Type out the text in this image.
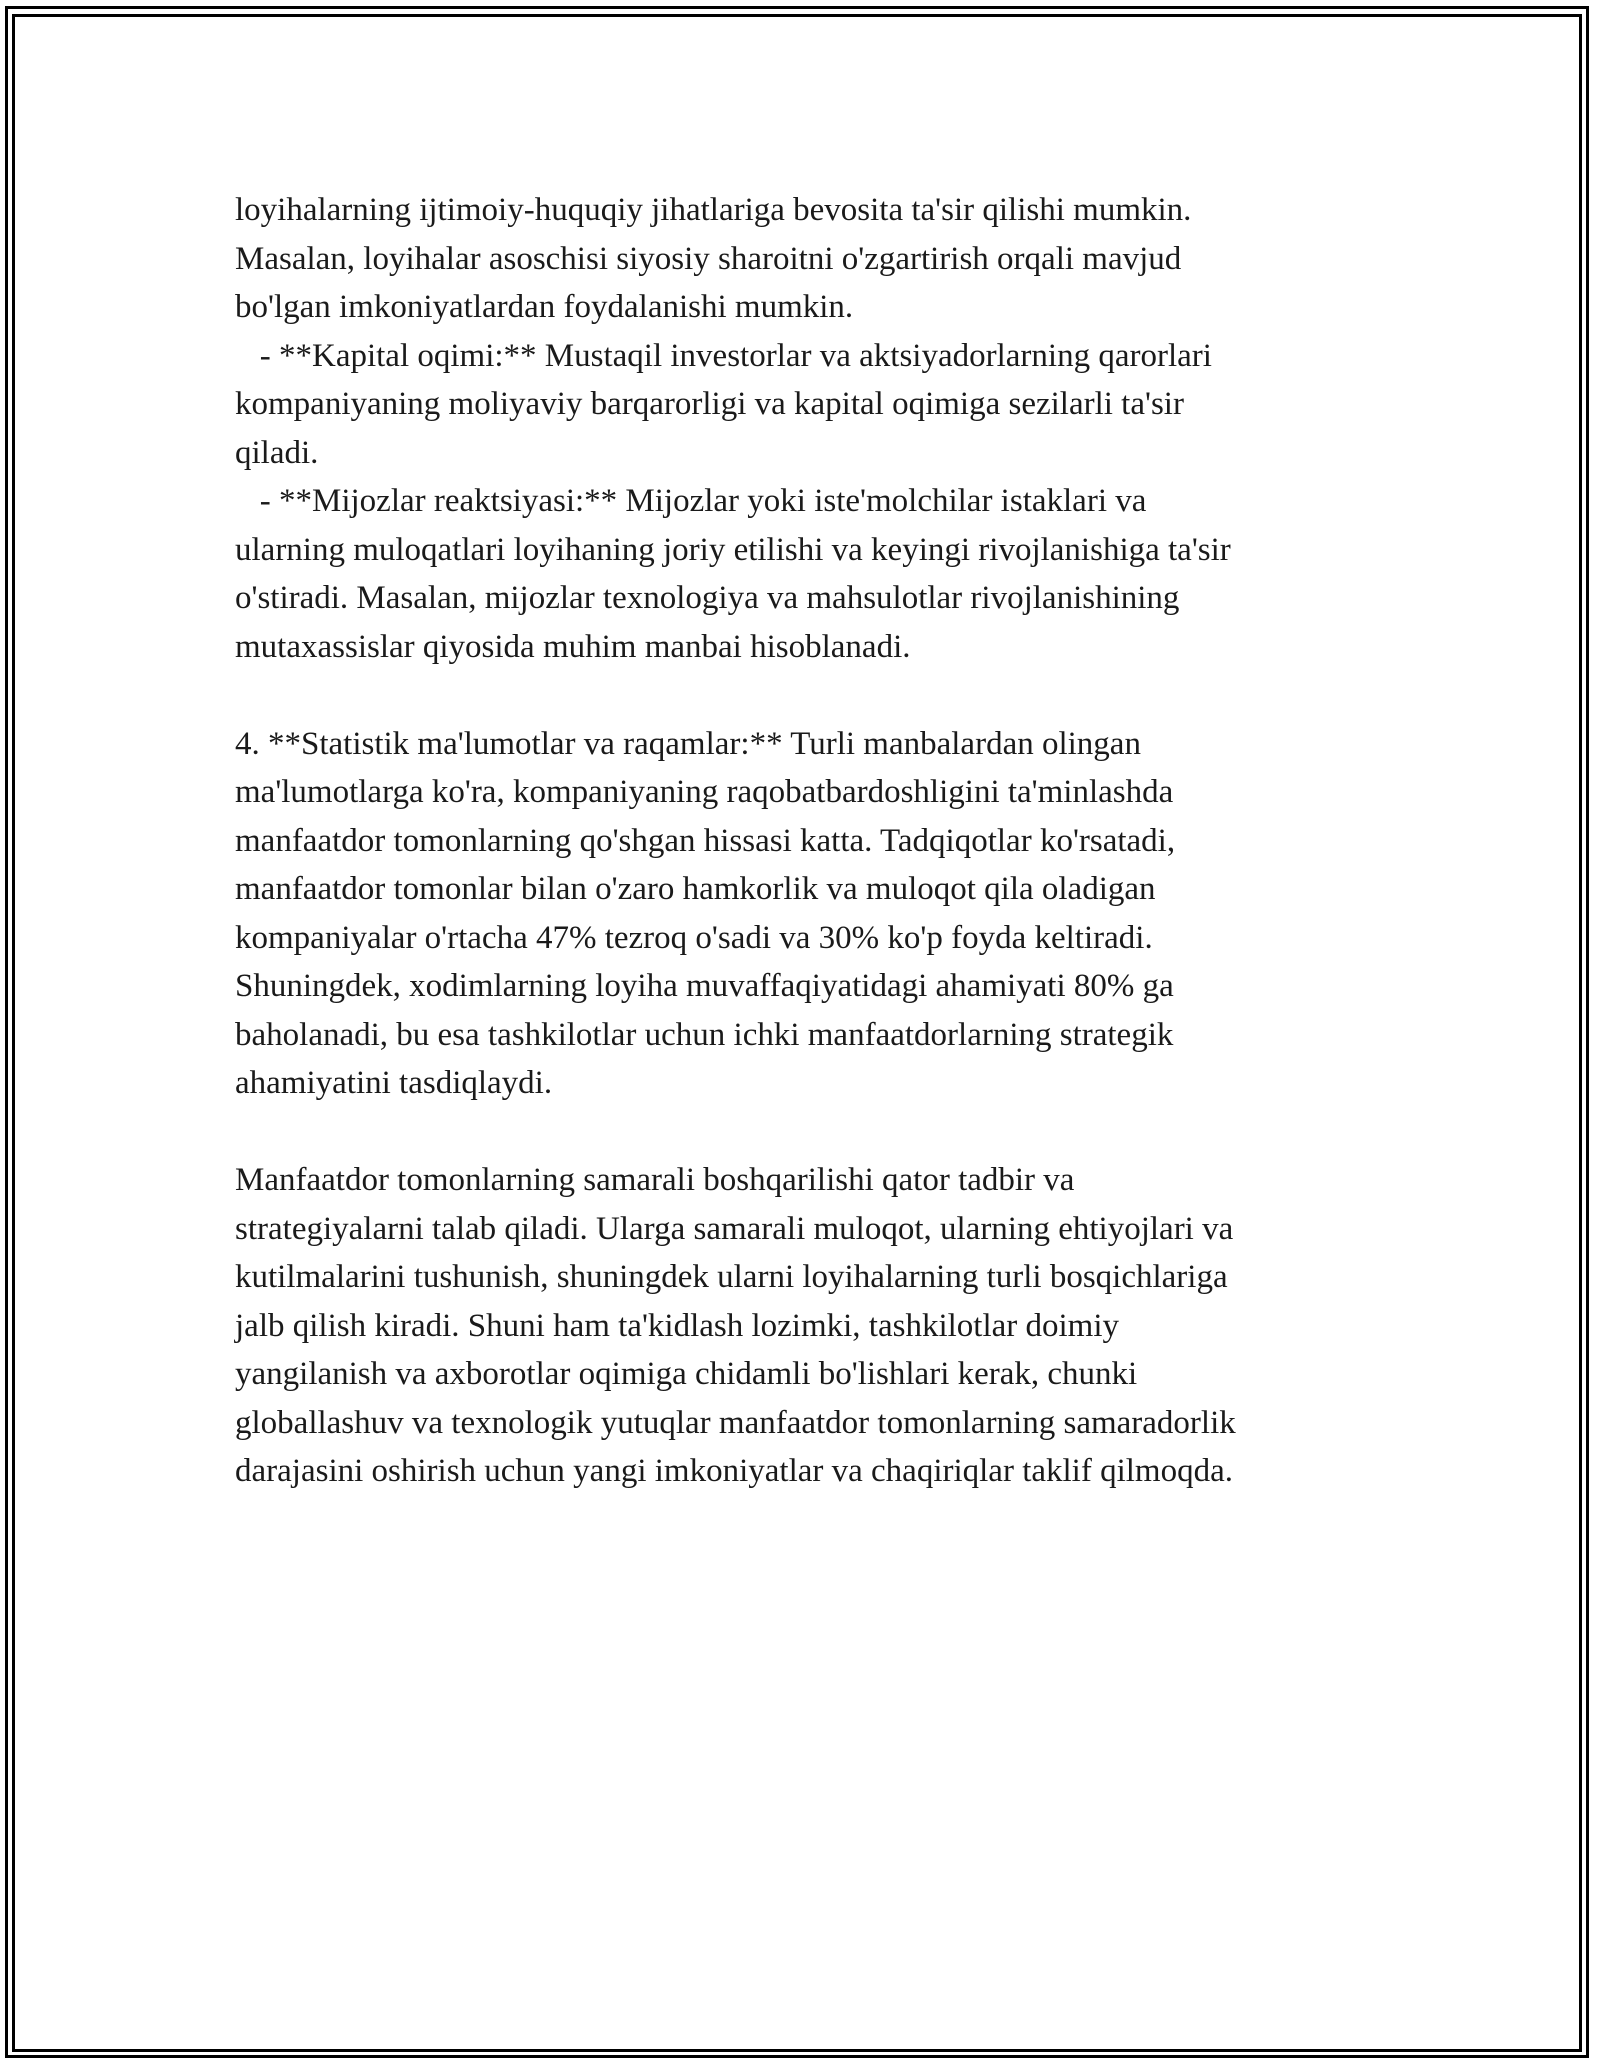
loyihalarning ijtimoiy-huquqiy jihatlariga bevosita ta'sir qilishi mumkin.
Masalan, loyihalar asoschisi siyosiy sharoitni o'zgartirish orqali mavjud
bo'lgan imkoniyatlardan foydalanishi mumkin.
- **Kapital oqimi:** Mustaqil investorlar va aktsiyadorlarning qarorlari
kompaniyaning moliyaviy barqarorligi va kapital oqimiga sezilarli ta'sir
qiladi.
- **Mijozlar reaktsiyasi:** Mijozlar yoki iste'molchilar istaklari va
ularning muloqatlari loyihaning joriy etilishi va keyingi rivojlanishiga ta'sir
o'stiradi. Masalan, mijozlar texnologiya va mahsulotlar rivojlanishining
mutaxassislar qiyosida muhim manbai hisoblanadi.
4. **Statistik ma'lumotlar va raqamlar:** Turli manbalardan olingan
ma'lumotlarga ko'ra, kompaniyaning raqobatbardoshligini ta'minlashda
manfaatdor tomonlarning qo'shgan hissasi katta. Tadqiqotlar ko'rsatadi,
manfaatdor tomonlar bilan o'zaro hamkorlik va muloqot qila oladigan
kompaniyalar o'rtacha 47% tezroq o'sadi va 30% ko'p foyda keltiradi.
Shuningdek, xodimlarning loyiha muvaffaqiyatidagi ahamiyati 80% ga
baholanadi, bu esa tashkilotlar uchun ichki manfaatdorlarning strategik
ahamiyatini tasdiqlaydi.
Manfaatdor tomonlarning samarali boshqarilishi qator tadbir va
strategiyalarni talab qiladi. Ularga samarali muloqot, ularning ehtiyojlari va
kutilmalarini tushunish, shuningdek ularni loyihalarning turli bosqichlariga
jalb qilish kiradi. Shuni ham ta'kidlash lozimki, tashkilotlar doimiy
yangilanish va axborotlar oqimiga chidamli bo'lishlari kerak, chunki
globallashuv va texnologik yutuqlar manfaatdor tomonlarning samaradorlik
darajasini oshirish uchun yangi imkoniyatlar va chaqiriqlar taklif qilmoqda.
